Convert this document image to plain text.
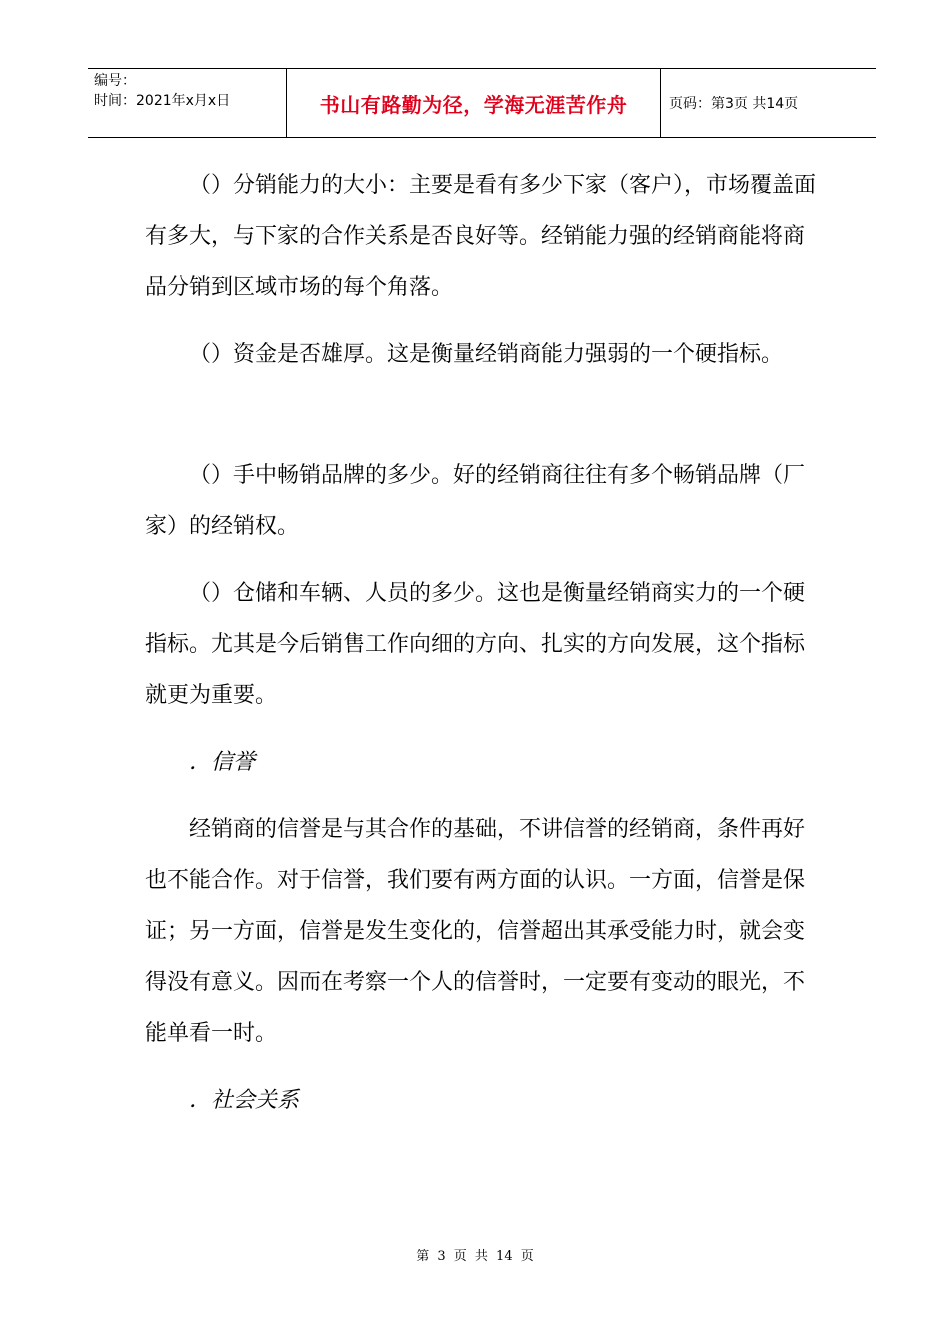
编号：
时间：2021年x月x日	书山有路勤为径，学海无涯苦作舟	页码：第3页 共14页

（）分销能力的大小：主要是看有多少下家（客户），市场覆盖面有多大，与下家的合作关系是否良好等。经销能力强的经销商能将商品分销到区域市场的每个角落。

（）资金是否雄厚。这是衡量经销商能力强弱的一个硬指标。

（）手中畅销品牌的多少。好的经销商往往有多个畅销品牌（厂家）的经销权。

（）仓储和车辆、人员的多少。这也是衡量经销商实力的一个硬指标。尤其是今后销售工作向细的方向、扎实的方向发展，这个指标就更为重要。

．信誉

经销商的信誉是与其合作的基础，不讲信誉的经销商，条件再好也不能合作。对于信誉，我们要有两方面的认识。一方面，信誉是保证；另一方面，信誉是发生变化的，信誉超出其承受能力时，就会变得没有意义。因而在考察一个人的信誉时，一定要有变动的眼光，不能单看一时。

．社会关系

第 3 页 共 14 页
